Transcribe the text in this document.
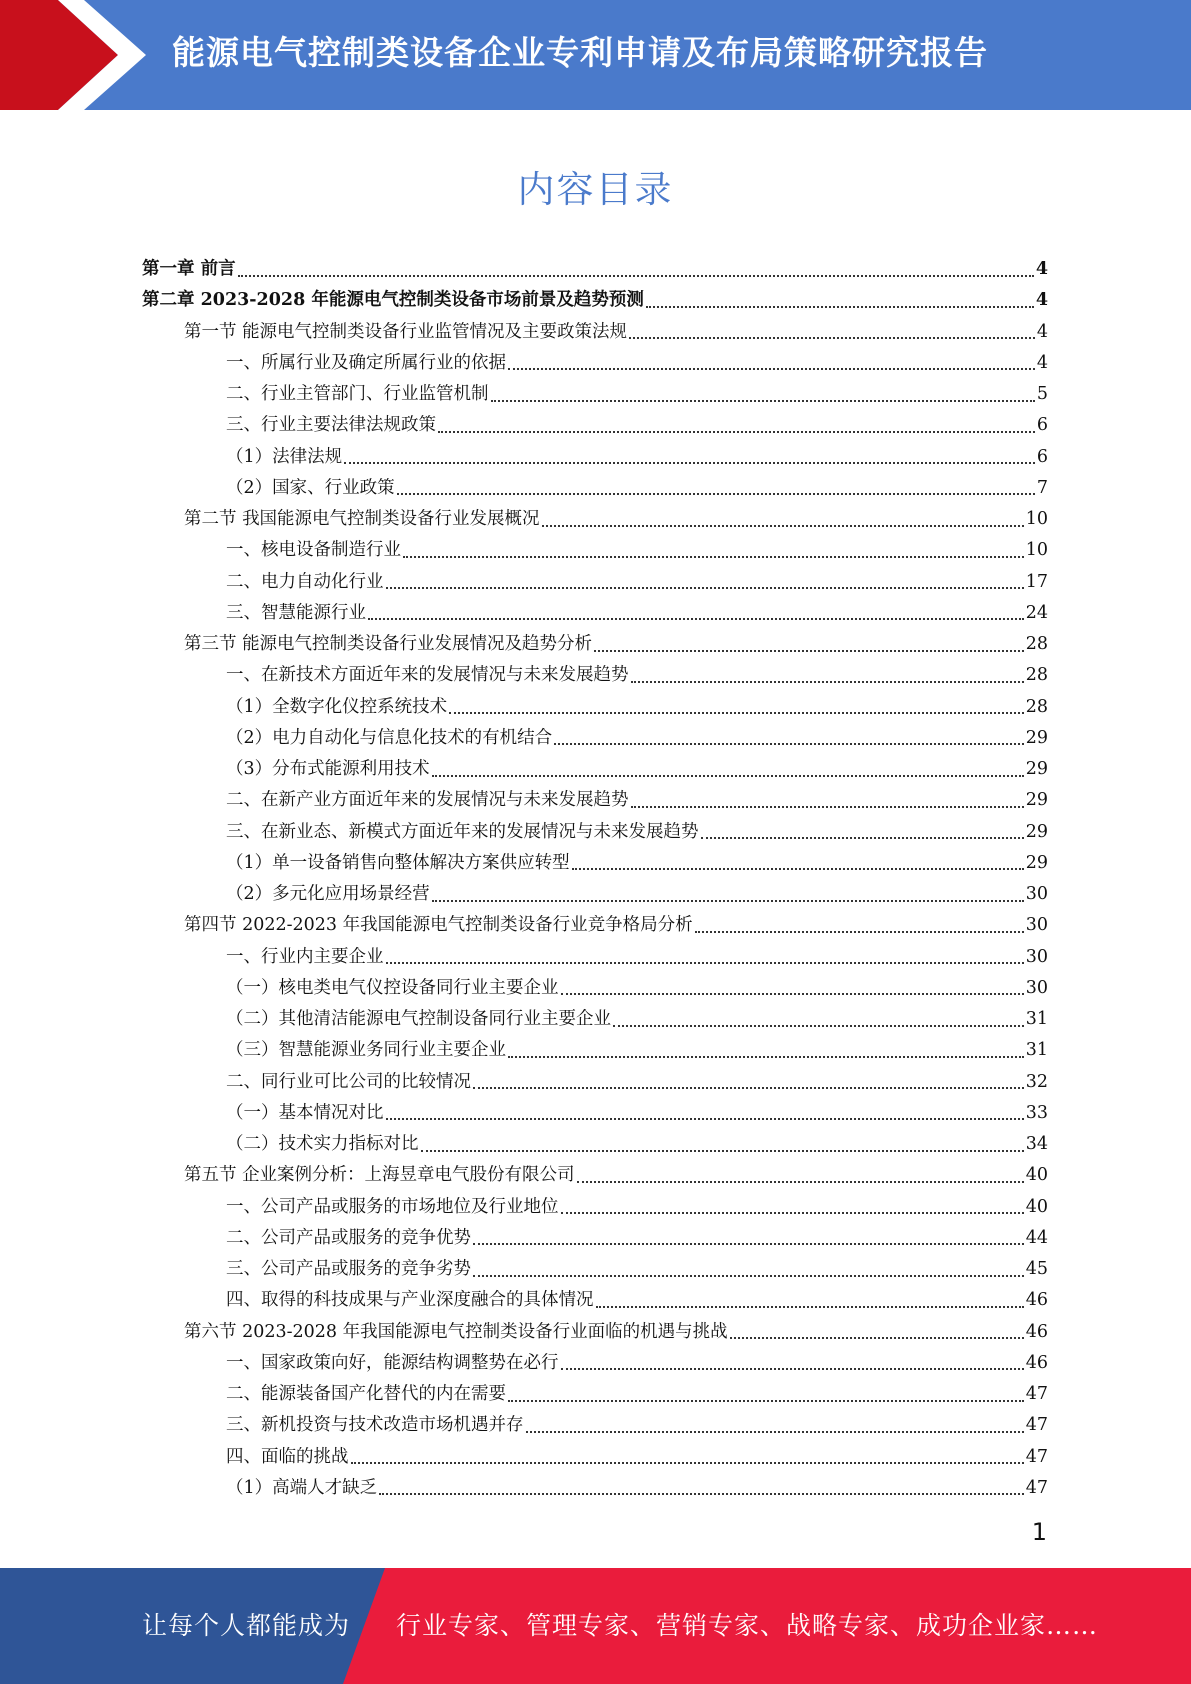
能源电气控制类设备企业专利申请及布局策略研究报告
内容目录
第一章 前言	4
第二章 2023-2028 年能源电气控制类设备市场前景及趋势预测	4
第一节 能源电气控制类设备行业监管情况及主要政策法规	4
一、所属行业及确定所属行业的依据	4
二、行业主管部门、行业监管机制	5
三、行业主要法律法规政策	6
（1）法律法规	6
（2）国家、行业政策	7
第二节 我国能源电气控制类设备行业发展概况	10
一、核电设备制造行业	10
二、电力自动化行业	17
三、智慧能源行业	24
第三节 能源电气控制类设备行业发展情况及趋势分析	28
一、在新技术方面近年来的发展情况与未来发展趋势	28
（1）全数字化仪控系统技术	28
（2）电力自动化与信息化技术的有机结合	29
（3）分布式能源利用技术	29
二、在新产业方面近年来的发展情况与未来发展趋势	29
三、在新业态、新模式方面近年来的发展情况与未来发展趋势	29
（1）单一设备销售向整体解决方案供应转型	29
（2）多元化应用场景经营	30
第四节 2022-2023 年我国能源电气控制类设备行业竞争格局分析	30
一、行业内主要企业	30
（一）核电类电气仪控设备同行业主要企业	30
（二）其他清洁能源电气控制设备同行业主要企业	31
（三）智慧能源业务同行业主要企业	31
二、同行业可比公司的比较情况	32
（一）基本情况对比	33
（二）技术实力指标对比	34
第五节 企业案例分析：上海昱章电气股份有限公司	40
一、公司产品或服务的市场地位及行业地位	40
二、公司产品或服务的竞争优势	44
三、公司产品或服务的竞争劣势	45
四、取得的科技成果与产业深度融合的具体情况	46
第六节 2023-2028 年我国能源电气控制类设备行业面临的机遇与挑战	46
一、国家政策向好，能源结构调整势在必行	46
二、能源装备国产化替代的内在需要	47
三、新机投资与技术改造市场机遇并存	47
四、面临的挑战	47
（1）高端人才缺乏	47
1
让每个人都能成为 行业专家、管理专家、营销专家、战略专家、成功企业家……
